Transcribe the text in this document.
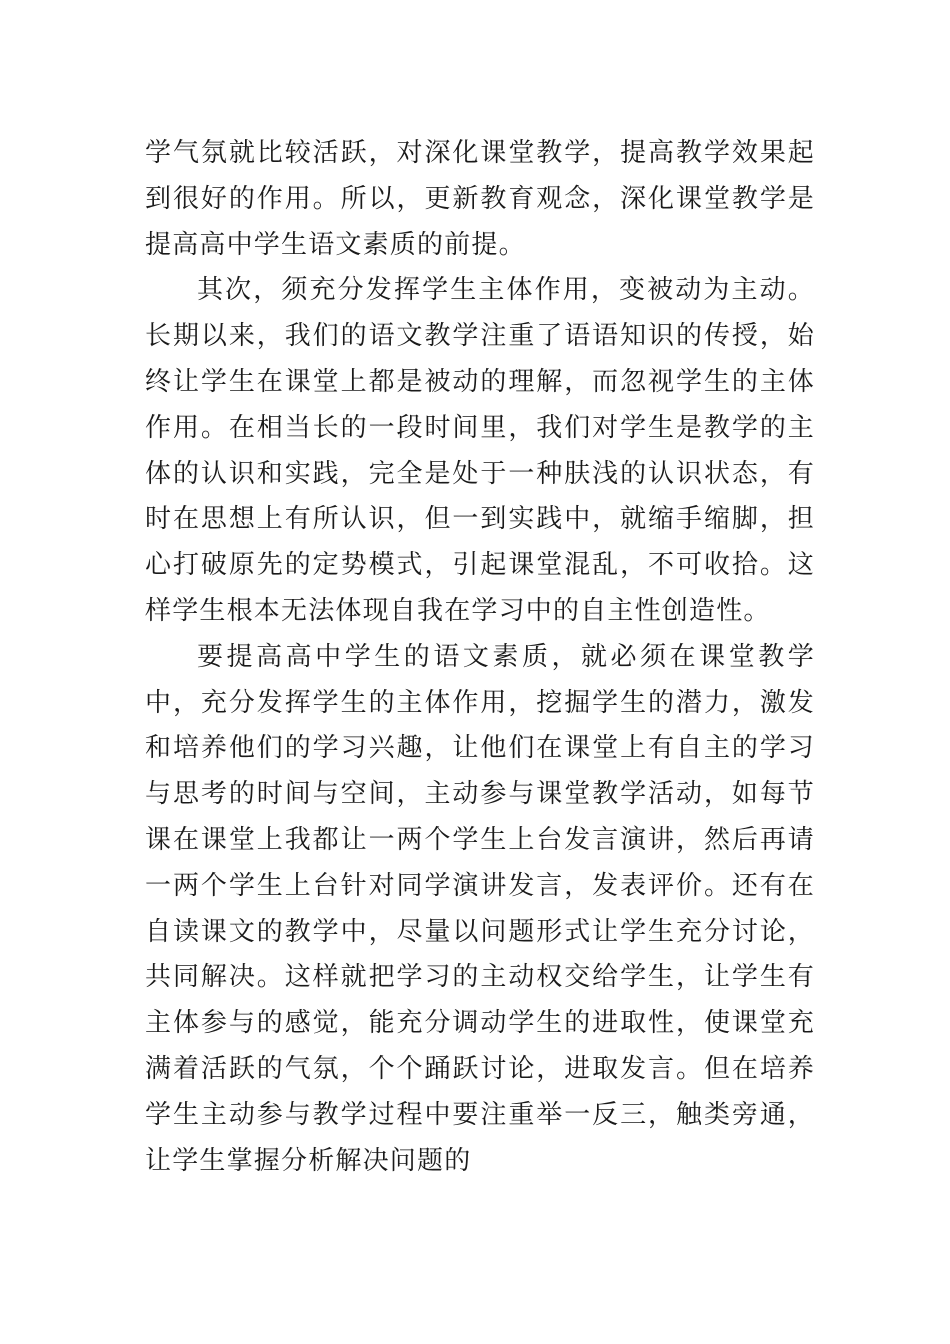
学气氛就比较活跃，对深化课堂教学，提高教学效果起到很好的作用。所以，更新教育观念，深化课堂教学是提高高中学生语文素质的前提。

其次，须充分发挥学生主体作用，变被动为主动。长期以来，我们的语文教学注重了语语知识的传授，始终让学生在课堂上都是被动的理解，而忽视学生的主体作用。在相当长的一段时间里，我们对学生是教学的主体的认识和实践，完全是处于一种肤浅的认识状态，有时在思想上有所认识，但一到实践中，就缩手缩脚，担心打破原先的定势模式，引起课堂混乱，不可收拾。这样学生根本无法体现自我在学习中的自主性创造性。

要提高高中学生的语文素质，就必须在课堂教学中，充分发挥学生的主体作用，挖掘学生的潜力，激发和培养他们的学习兴趣，让他们在课堂上有自主的学习与思考的时间与空间，主动参与课堂教学活动，如每节课在课堂上我都让一两个学生上台发言演讲，然后再请一两个学生上台针对同学演讲发言，发表评价。还有在自读课文的教学中，尽量以问题形式让学生充分讨论，共同解决。这样就把学习的主动权交给学生，让学生有主体参与的感觉，能充分调动学生的进取性，使课堂充满着活跃的气氛，个个踊跃讨论，进取发言。但在培养学生主动参与教学过程中要注重举一反三，触类旁通，让学生掌握分析解决问题的
